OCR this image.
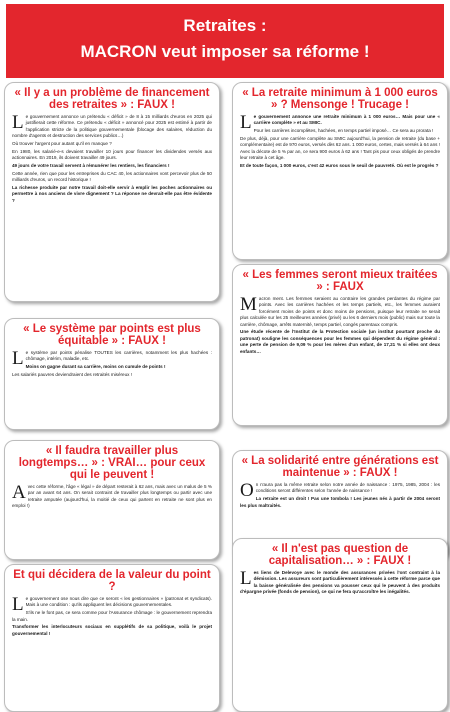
Retraites :
MACRON veut imposer sa réforme !
« Il y a un problème de financement des retraites » : FAUX !

Le gouvernement annonce un prétendu « déficit » de 8 à 15 milliards d'euros en 2025 qui justifierait cette réforme. Ce prétendu « déficit » annoncé pour 2025 est estimé à partir de l'application stricte de la politique gouvernementale (blocage des salaires, réduction du nombre d'agents et destruction des services publics…)

Où trouver l'argent pour autant qu'il en manque ?

En 1980, les salarié-e-s devaient travailler 10 jours pour financer les dividendes versés aux actionnaires. En 2019, ils doivent travailler 49 jours.

49 jours de votre travail servent à rémunérer les rentiers, les financiers !

Cette année, rien que pour les entreprises du CAC 40, les actionnaires vont percevoir plus de 50 milliards d'euros, un record historique !

La richesse produite par notre travail doit-elle servir à emplir les poches actionnaires ou permettre à nos anciens de vivre dignement ? La réponse ne devrait-elle pas être évidente ?

« Le système par points est plus équitable » : FAUX !

Le système par points pénalise TOUTES les carrières, notamment les plus hachées : chômage, intérim, maladie, etc.

Moins on gagne durant sa carrière, moins on cumule de points !

Les salariés pauvres deviendraient des retraités miséreux !

« Il faudra travailler plus longtemps… » : VRAI… pour ceux qui le peuvent !

Avec cette réforme, l'âge « légal » de départ resterait à 62 ans, mais avec un malus de 5 % par an avant 64 ans. On serait contraint de travailler plus longtemps ou partir avec une retraite amputée (aujourd'hui, la moitié de ceux qui partent en retraite ne sont plus en emploi !)

Et qui décidera de la valeur du point ?

Le gouvernement ose nous dire que ce seront « les gestionnaires » (patronat et syndicats). Mais à une condition : qu'ils appliquent les décisions gouvernementales.

S'ils ne le font pas, ce sera comme pour l'Assurance chômage : le gouvernement reprendra la main.

Transformer les interlocuteurs sociaux en supplétifs de sa politique, voilà le projet gouvernemental !

« La retraite minimum à 1 000 euros » ? Mensonge ! Trucage !

Le gouvernement annonce une retraite minimum à 1 000 euros… Mais pour une « carrière complète » et au SMIC.

Pour les carrières incomplètes, hachées, en temps partiel imposé… Ce sera au prorata !

De plus, déjà, pour une carrière complète au SMIC aujourd'hui, la pension de retraite (du base + complémentaire) est de 970 euros, versés dès 62 ans. 1 000 euros, certes, mais versés à 64 ans ! Avec la décote de 5 % par an, ce sera 900 euros à 62 ans ! Tant pis pour ceux obligés de prendre leur retraite à cet âge.

Et de toute façon, 1 000 euros, c'est 42 euros sous le seuil de pauvreté. Où est le progrès ?

« Les femmes seront mieux traitées » : FAUX

Macron ment. Les femmes seraient au contraire les grandes perdantes du régime par points. Avec les carrières hachées et les temps partiels, etc., les femmes auraient forcément moins de points et donc moins de pensions, puisque leur retraite ne serait plus calculée sur les 25 meilleures années (privé) ou les 6 derniers mois (public) mais sur toute la carrière, chômage, arrêts maternité, temps partiel, congés parentaux compris.

Une étude récente de l'Institut de la Protection sociale (un institut pourtant proche du patronat) souligne les conséquences pour les femmes qui dépendent du régime général : une perte de pension de 9,09 % pour les mères d'un enfant, de 17,21 % si elles ont deux enfants…

« La solidarité entre générations est maintenue » : FAUX !

On n'aura pas la même retraite selon notre année de naissance : 1975, 1985, 2004 : les conditions seront différentes selon l'année de naissance !

La retraite est un droit ! Pas une tombola ! Les jeunes nés à partir de 2004 seront les plus maltraités.

« Il n'est pas question de capitalisation… » : FAUX !

Les liens de Delevoye avec le monde des assurances privées l'ont contraint à la démission. Les assureurs sont particulièrement intéressés à cette réforme parce que la baisse généralisée des pensions va pousser ceux qui le peuvent à des produits d'épargne privée (fonds de pension), ce qui ne fera qu'accroître les inégalités.
